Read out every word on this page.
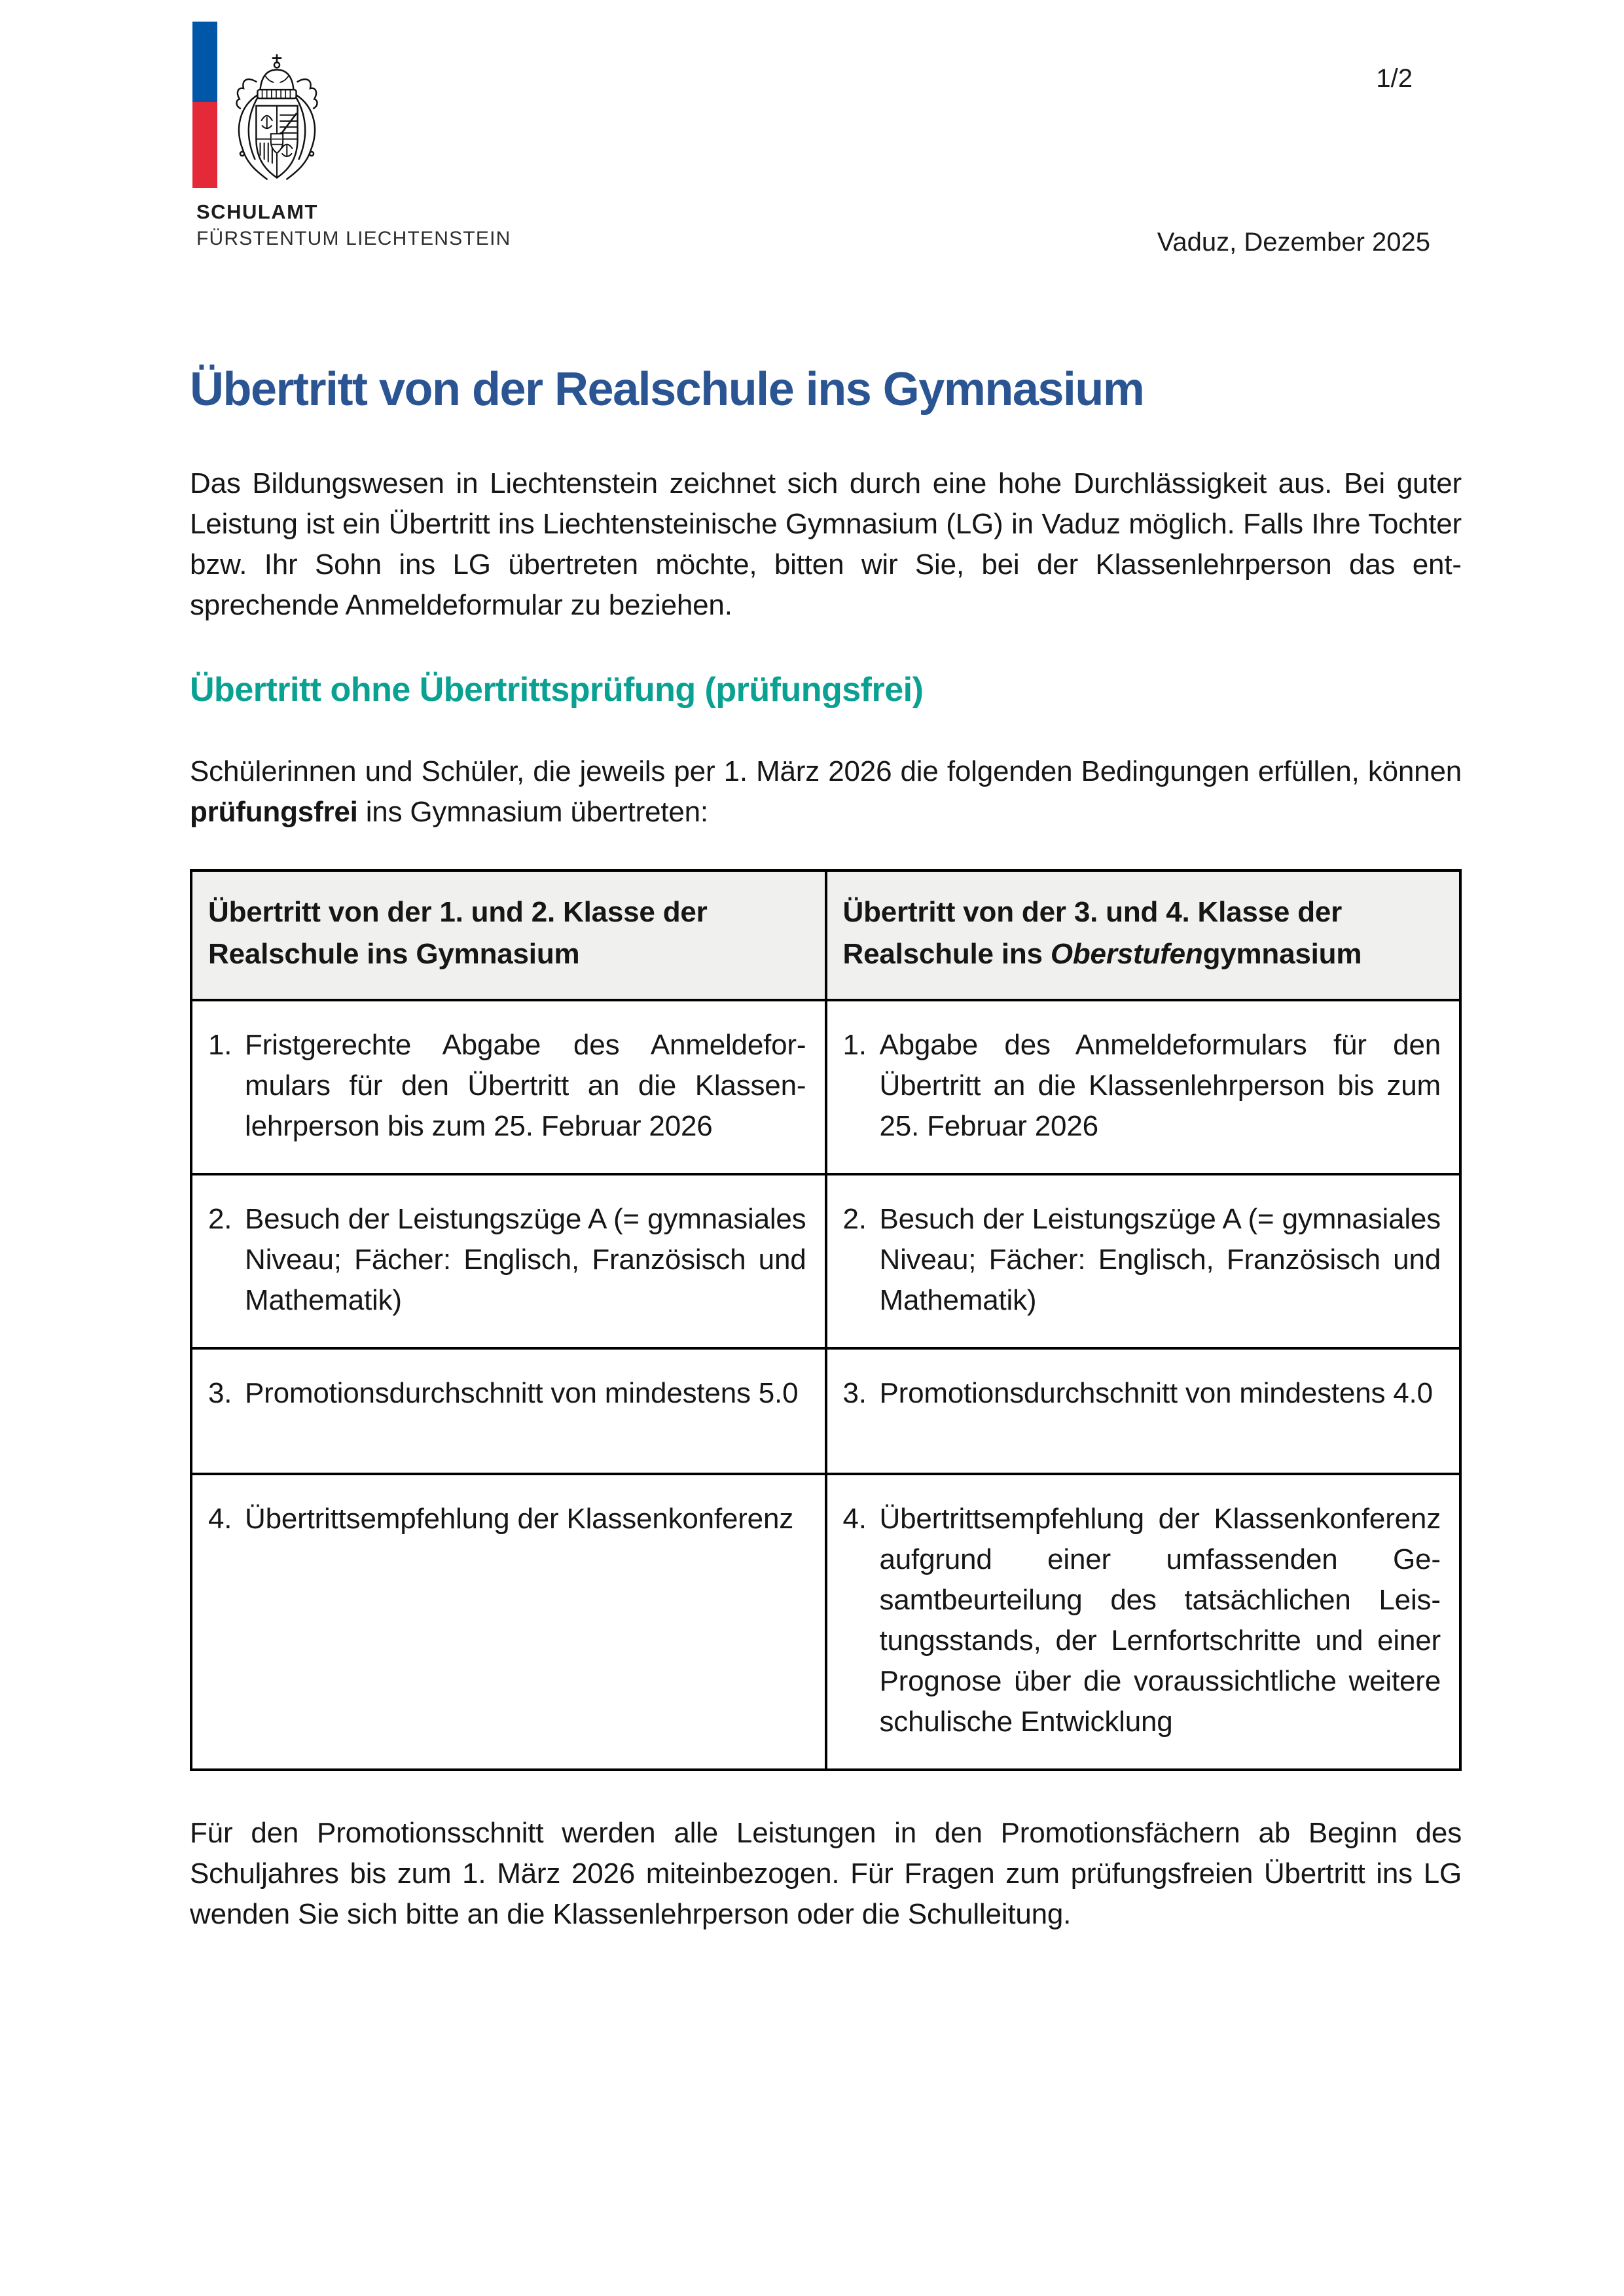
SCHULAMT
FÜRSTENTUM LIECHTENSTEIN
1/2
Vaduz, Dezember 2025
Übertritt von der Realschule ins Gymnasium

Das Bildungswesen in Liechtenstein zeichnet sich durch eine hohe Durchlässigkeit aus. Bei guter Leistung ist ein Übertritt ins Liechtensteinische Gymnasium (LG) in Vaduz möglich. Falls Ihre Tochter bzw. Ihr Sohn ins LG übertreten möchte, bitten wir Sie, bei der Klassenlehrperson das entsprechende Anmeldeformular zu beziehen.

Übertritt ohne Übertrittsprüfung (prüfungsfrei)

Schülerinnen und Schüler, die jeweils per 1. März 2026 die folgenden Bedingungen erfüllen, können prüfungsfrei ins Gymnasium übertreten:

Übertritt von der 1. und 2. Klasse der Realschule ins Gymnasium	Übertritt von der 3. und 4. Klasse der Realschule ins Oberstufengymnasium

1. Fristgerechte Abgabe des Anmeldeformulars für den Übertritt an die Klassenlehrperson bis zum 25. Februar 2026	1. Abgabe des Anmeldeformulars für den Übertritt an die Klassenlehrperson bis zum 25. Februar 2026

2. Besuch der Leistungszüge A (= gymnasiales Niveau; Fächer: Englisch, Französisch und Mathematik)	2. Besuch der Leistungszüge A (= gymnasiales Niveau; Fächer: Englisch, Französisch und Mathematik)

3. Promotionsdurchschnitt von mindestens 5.0	3. Promotionsdurchschnitt von mindestens 4.0

4. Übertrittsempfehlung der Klassenkonferenz	4. Übertrittsempfehlung der Klassenkonferenz aufgrund einer umfassenden Gesamtbeurteilung des tatsächlichen Leistungsstands, der Lernfortschritte und einer Prognose über die voraussichtliche weitere schulische Entwicklung

Für den Promotionsschnitt werden alle Leistungen in den Promotionsfächern ab Beginn des Schuljahres bis zum 1. März 2026 miteinbezogen. Für Fragen zum prüfungsfreien Übertritt ins LG wenden Sie sich bitte an die Klassenlehrperson oder die Schulleitung.
